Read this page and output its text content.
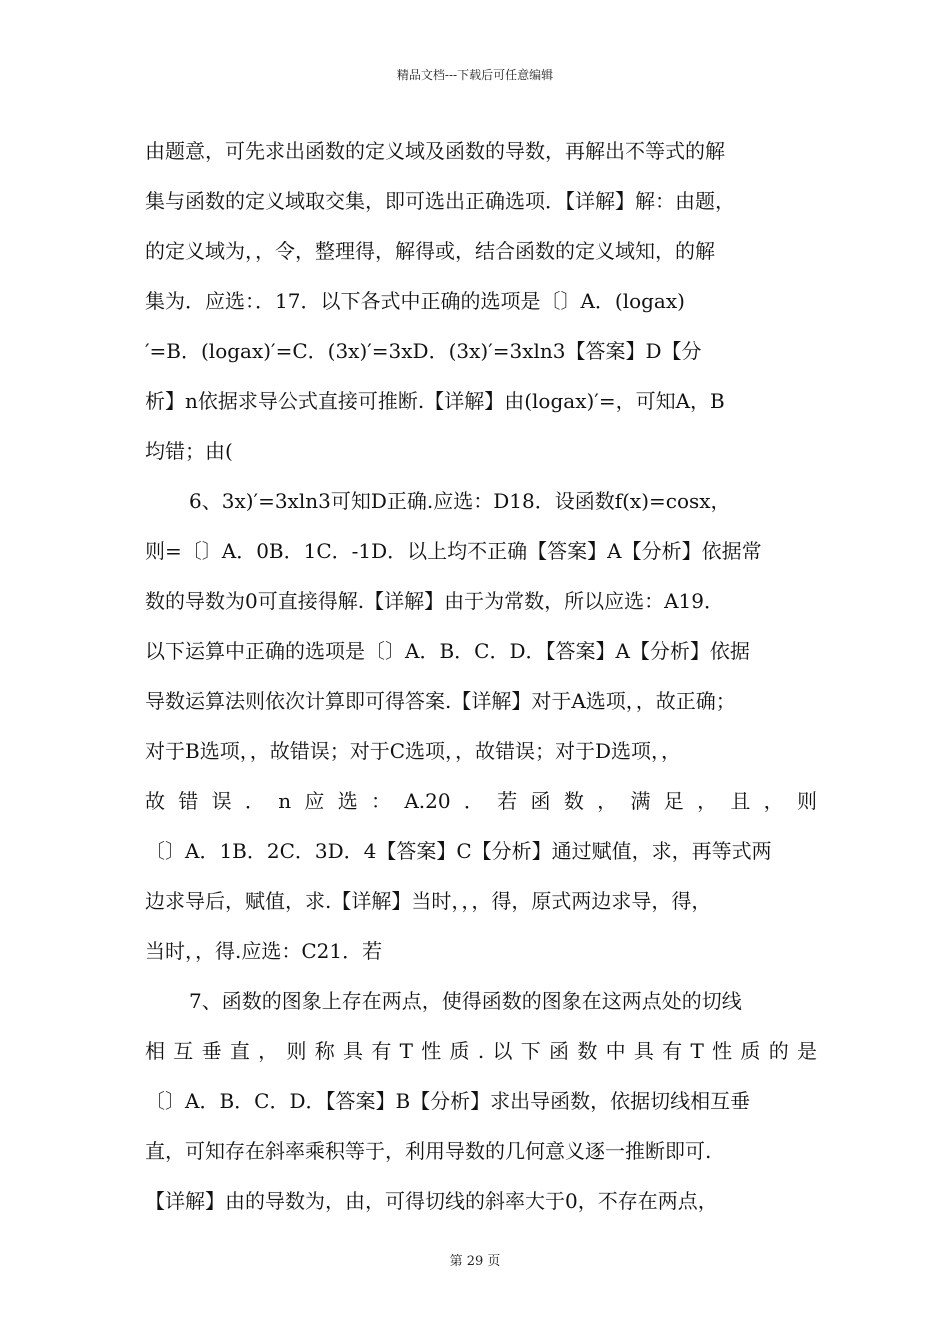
精品文档---下载后可任意编辑
由题意，可先求出函数的定义域及函数的导数，再解出不等式的解
集与函数的定义域取交集，即可选出正确选项．【详解】解：由题，
的定义域为，，令，整理得，解得或，结合函数的定义域知，的解
集为．应选：．17．以下各式中正确的选项是〔〕A．(logax)
′=B．(logax)′=C．(3x)′=3xD．(3x)′=3xln3【答案】D【分
析】n依据求导公式直接可推断.【详解】由(logax)′=，可知A，B
均错；由(
6、3x)′=3xln3可知D正确.应选：D18．设函数f(x)=cosx，
则=〔〕A．0B．1C．-1D．以上均不正确【答案】A【分析】依据常
数的导数为0可直接得解.【详解】由于为常数，所以应选：A19．
以下运算中正确的选项是〔〕A．B．C．D．【答案】A【分析】依据
导数运算法则依次计算即可得答案.【详解】对于A选项，，故正确；
对于B选项，，故错误；对于C选项，，故错误；对于D选项，，
故错误．n应选：A.20．若函数，满足，且，则
〔〕A．1B．2C．3D．4【答案】C【分析】通过赋值，求，再等式两
边求导后，赋值，求.【详解】当时，，，得，原式两边求导，得，
当时，，得.应选：C21．若
7、函数的图象上存在两点，使得函数的图象在这两点处的切线
相互垂直，则称具有T性质.以下函数中具有T性质的是
〔〕A．B．C．D．【答案】B【分析】求出导函数，依据切线相互垂
直，可知存在斜率乘积等于，利用导数的几何意义逐一推断即可.
【详解】由的导数为，由，可得切线的斜率大于0，不存在两点，
第 29 页
